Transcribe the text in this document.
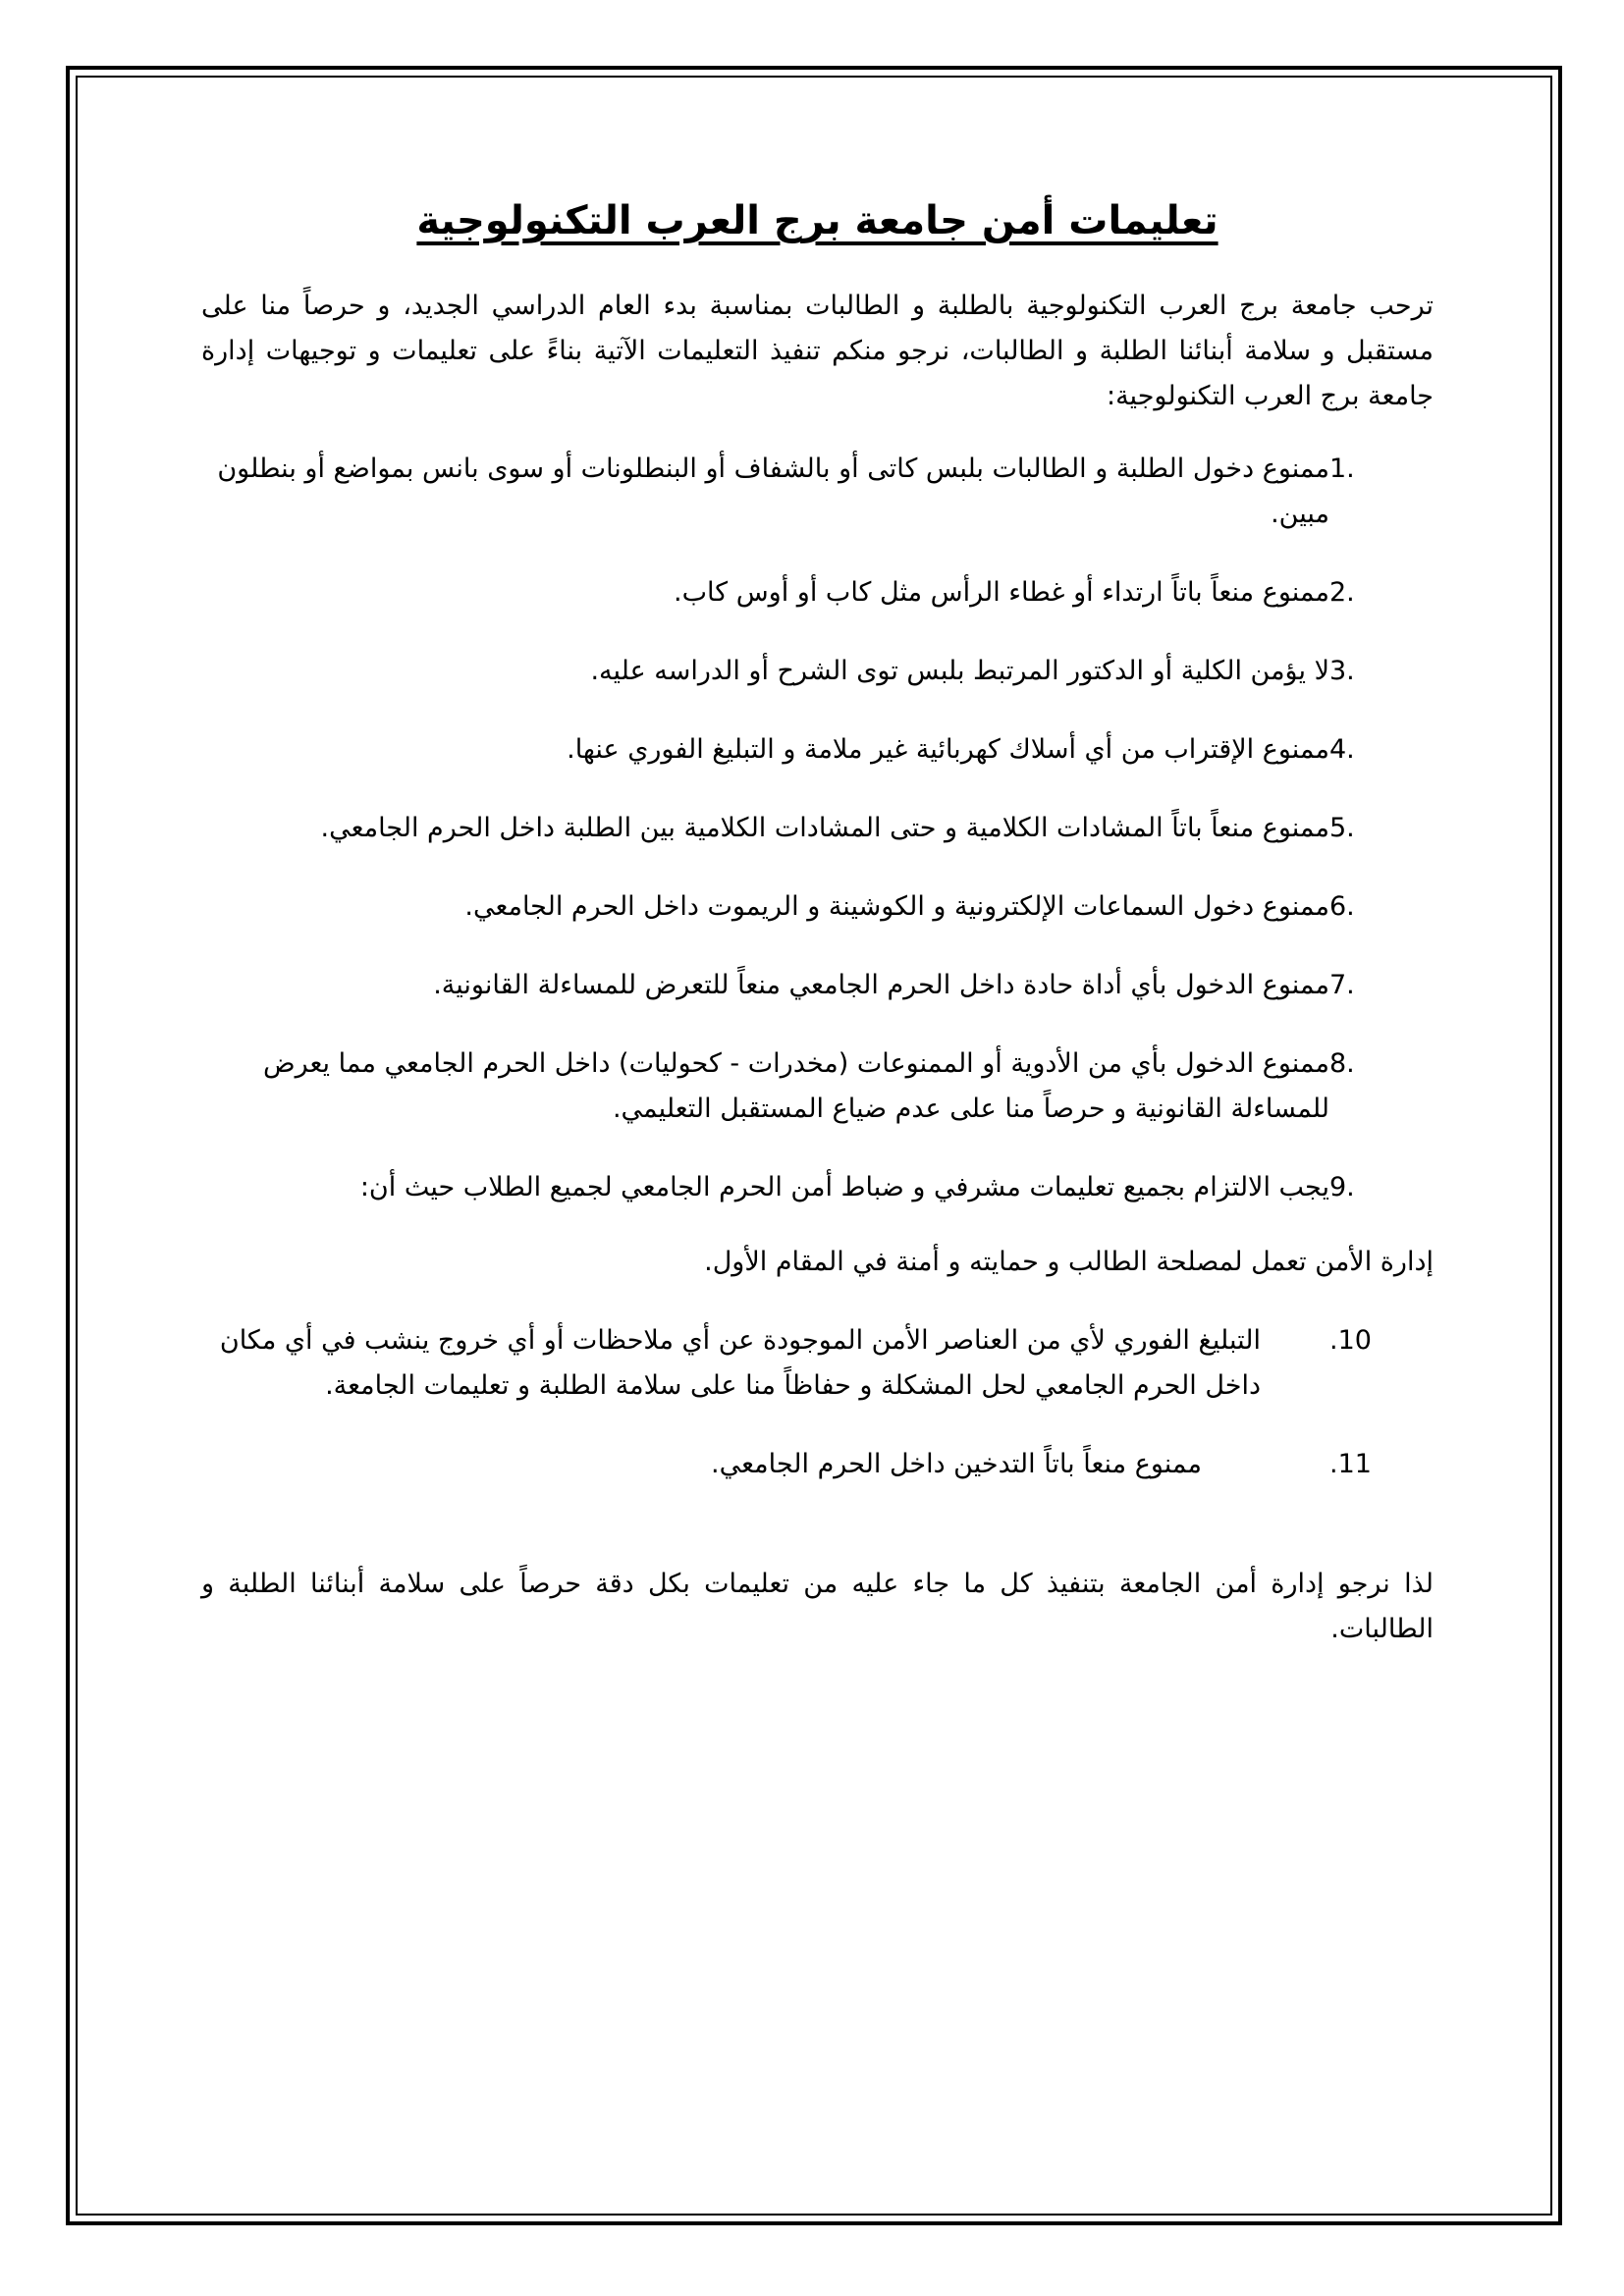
تعليمات أمن جامعة برج العرب التكنولوجية

ترحب جامعة برج العرب التكنولوجية بالطلبة و الطالبات بمناسبة بدء العام الدراسي الجديد، و حرصاً منا على مستقبل و سلامة أبنائنا الطلبة و الطالبات، نرجو منكم تنفيذ التعليمات الآتية بناءً على تعليمات و توجيهات إدارة جامعة برج العرب التكنولوجية:

1.
ممنوع دخول الطلبة و الطالبات بلبس كاتى أو بالشفاف أو البنطلونات أو سوى بانس بمواضع أو بنطلون مبين.
2.
ممنوع منعاً باتاً ارتداء أو غطاء الرأس مثل كاب أو أوس كاب.
3.
لا يؤمن الكلية أو الدكتور المرتبط بلبس توى الشرح أو الدراسه عليه.
4.
ممنوع الإقتراب من أي أسلاك كهربائية غير ملامة و التبليغ الفوري عنها.
5.
ممنوع منعاً باتاً المشادات الكلامية و حتى المشادات الكلامية بين الطلبة داخل الحرم الجامعي.
6.
ممنوع دخول السماعات الإلكترونية و الكوشينة و الريموت داخل الحرم الجامعي.
7.
ممنوع الدخول بأي أداة حادة داخل الحرم الجامعي منعاً للتعرض للمساءلة القانونية.
8.
ممنوع الدخول بأي من الأدوية أو الممنوعات (مخدرات - كحوليات) داخل الحرم الجامعي مما يعرض للمساءلة القانونية و حرصاً منا على عدم ضياع المستقبل التعليمي.
9.
يجب الالتزام بجميع تعليمات مشرفي و ضباط أمن الحرم الجامعي لجميع الطلاب حيث أن:

إدارة الأمن تعمل لمصلحة الطالب و حمايته و أمنة في المقام الأول.

.10
التبليغ الفوري لأي من العناصر الأمن الموجودة عن أي ملاحظات أو أي خروج ينشب في أي مكان داخل الحرم الجامعي لحل المشكلة و حفاظاً منا على سلامة الطلبة و تعليمات الجامعة.
.11
ممنوع منعاً باتاً التدخين داخل الحرم الجامعي.

لذا نرجو إدارة أمن الجامعة بتنفيذ كل ما جاء عليه من تعليمات بكل دقة حرصاً على سلامة أبنائنا الطلبة و الطالبات.
